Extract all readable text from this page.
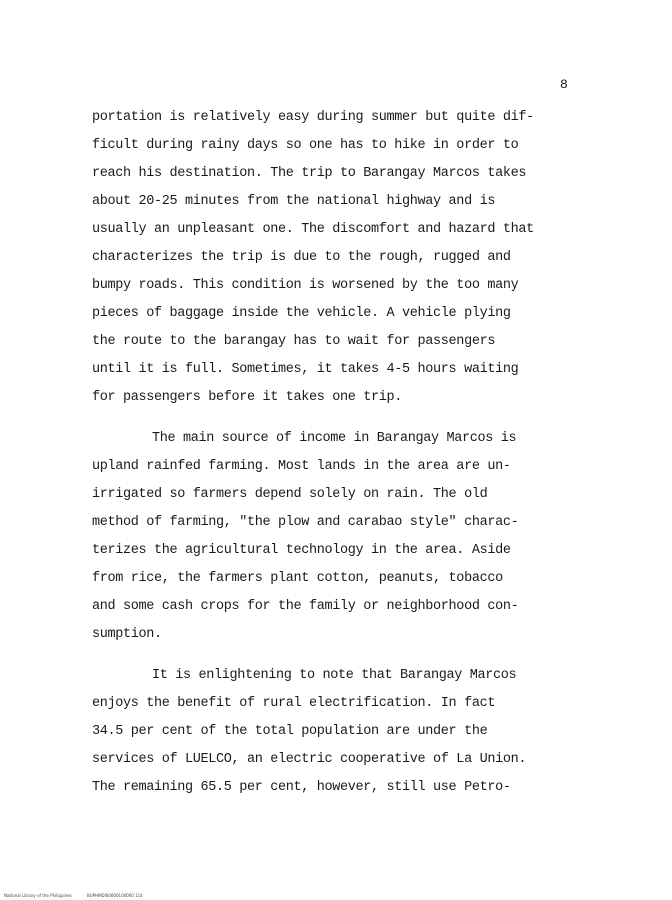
8
portation is relatively easy during summer but quite dif-
ficult during rainy days so one has to hike in order to
reach his destination. The trip to Barangay Marcos takes
about 20-25 minutes from the national highway and is
usually an unpleasant one. The discomfort and hazard that
characterizes the trip is due to the rough, rugged and
bumpy roads. This condition is worsened by the too many
pieces of baggage inside the vehicle. A vehicle plying
the route to the barangay has to wait for passengers
until it is full. Sometimes, it takes 4-5 hours waiting
for passengers before it takes one trip.
The main source of income in Barangay Marcos is
upland rainfed farming. Most lands in the area are un-
irrigated so farmers depend solely on rain. The old
method of farming, "the plow and carabao style" charac-
terizes the agricultural technology in the area. Aside
from rice, the farmers plant cotton, peanuts, tobacco
and some cash crops for the family or neighborhood con-
sumption.
It is enlightening to note that Barangay Marcos
enjoys the benefit of rural electrification. In fact
34.5 per cent of the total population are under the
services of LUELCO, an electric cooperative of La Union.
The remaining 65.5 per cent, however, still use Petro-
National Library of the Philippines	BUPHMDIS0000100000 114
